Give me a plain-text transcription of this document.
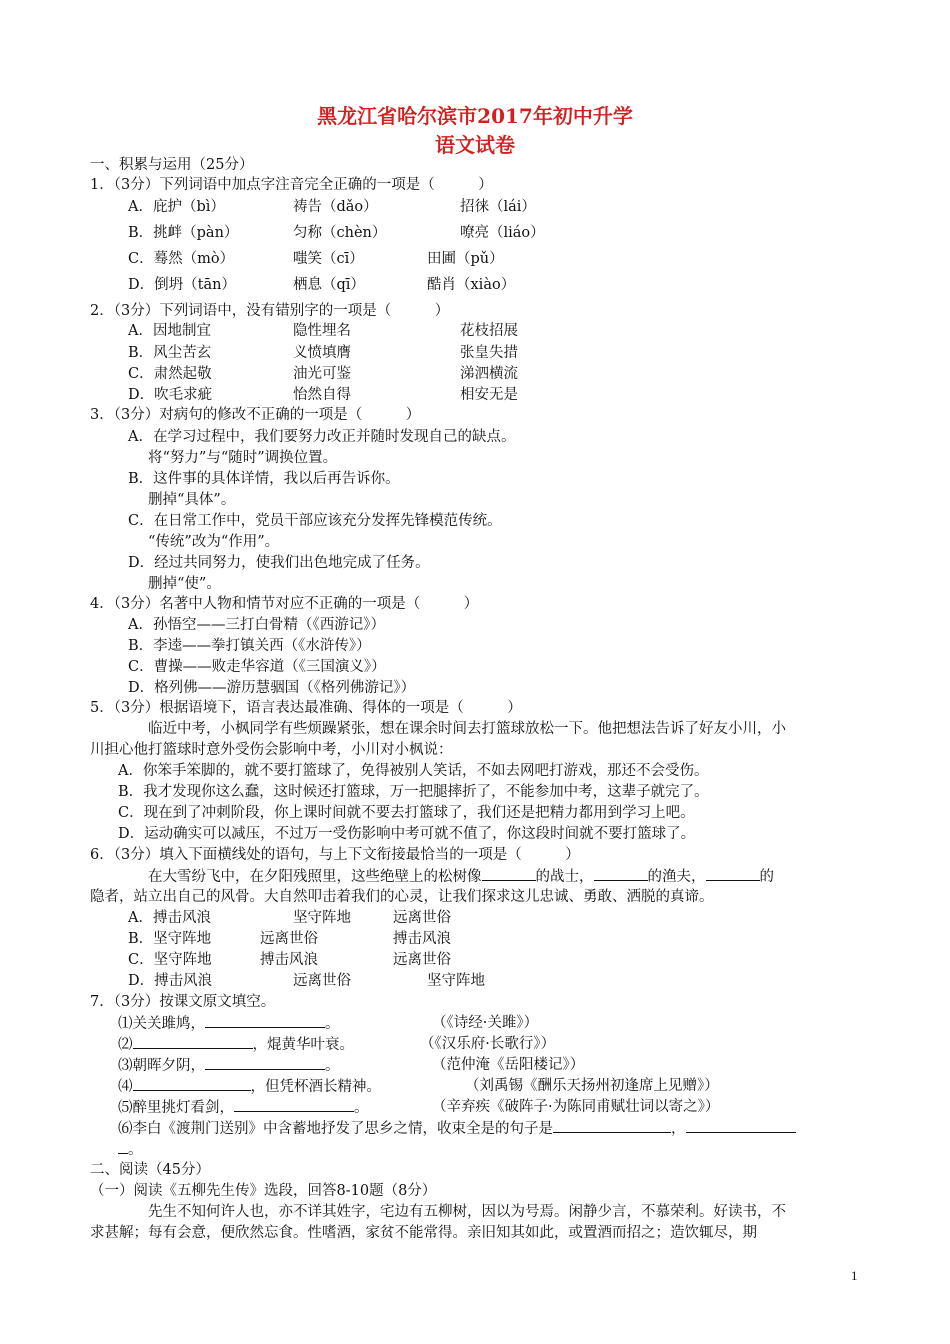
黑龙江省哈尔滨市2017年初中升学
语文试卷
一、积累与运用（25分）
1．（3分）下列词语中加点字注音完全正确的一项是（　　　）
A．庇护（bì）	祷告（dǎo）	招徕（lái）
B．挑衅（pàn）	匀称（chèn）	嘹亮（liáo）
C．蓦然（mò）	嗤笑（cī）	田圃（pǔ）
D．倒坍（tān）	栖息（qī）	酷肖（xiào）
2．（3分）下列词语中，没有错别字的一项是（　　　）
A．因地制宜	隐性埋名	花枝招展
B．风尘苦玄	义愤填膺	张皇失措
C．肃然起敬	油光可鉴	涕泗横流
D．吹毛求疵	怡然自得	相安无是
3．（3分）对病句的修改不正确的一项是（　　　）
A．在学习过程中，我们要努力改正并随时发现自己的缺点。
将“努力”与“随时”调换位置。
B．这件事的具体详情，我以后再告诉你。
删掉“具体”。
C．在日常工作中，党员干部应该充分发挥先锋模范传统。
“传统”改为“作用”。
D．经过共同努力，使我们出色地完成了任务。
删掉“使”。
4．（3分）名著中人物和情节对应不正确的一项是（　　　）
A．孙悟空——三打白骨精（《西游记》）
B．李逵——拳打镇关西（《水浒传》）
C．曹操——败走华容道（《三国演义》）
D．格列佛——游历慧骃国（《格列佛游记》）
5．（3分）根据语境下，语言表达最准确、得体的一项是（　　　）
临近中考，小枫同学有些烦躁紧张，想在课余时间去打篮球放松一下。他把想法告诉了好友小川，小
川担心他打篮球时意外受伤会影响中考，小川对小枫说：
A．你笨手笨脚的，就不要打篮球了，免得被别人笑话，不如去网吧打游戏，那还不会受伤。
B．我才发现你这么蠢，这时候还打篮球，万一把腿摔折了，不能参加中考，这辈子就完了。
C．现在到了冲刺阶段，你上课时间就不要去打篮球了，我们还是把精力都用到学习上吧。
D．运动确实可以减压，不过万一受伤影响中考可就不值了，你这段时间就不要打篮球了。
6．（3分）填入下面横线处的语句，与上下文衔接最恰当的一项是（　　　）
在大雪纷飞中，在夕阳残照里，这些绝壁上的松树像	的战士，	的渔夫，	的
隐者，站立出自己的风骨。大自然叩击着我们的心灵，让我们探求这儿忠诚、勇敢、洒脱的真谛。
A．搏击风浪	坚守阵地	远离世俗
B．坚守阵地	远离世俗	搏击风浪
C．坚守阵地	搏击风浪	远离世俗
D．搏击风浪	远离世俗	坚守阵地
7．（3分）按课文原文填空。
⑴关关雎鸠，	。	（《诗经·关雎》）
⑵	，焜黄华叶衰。	（《汉乐府·长歌行》）
⑶朝晖夕阴，	。	（范仲淹《岳阳楼记》）
⑷	，但凭杯酒长精神。	（刘禹锡《酬乐天扬州初逢席上见赠》）
⑸醉里挑灯看剑，	。	（辛弃疾《破阵子·为陈同甫赋壮词以寄之》）
⑹李白《渡荆门送别》中含蓄地抒发了思乡之情，收束全是的句子是	，
。
二、阅读（45分）
（一）阅读《五柳先生传》选段，回答8-10题（8分）
先生不知何许人也，亦不详其姓字，宅边有五柳树，因以为号焉。闲静少言，不慕荣利。好读书，不
求甚解；每有会意，便欣然忘食。性嗜酒，家贫不能常得。亲旧知其如此，或置酒而招之；造饮辄尽，期
1
